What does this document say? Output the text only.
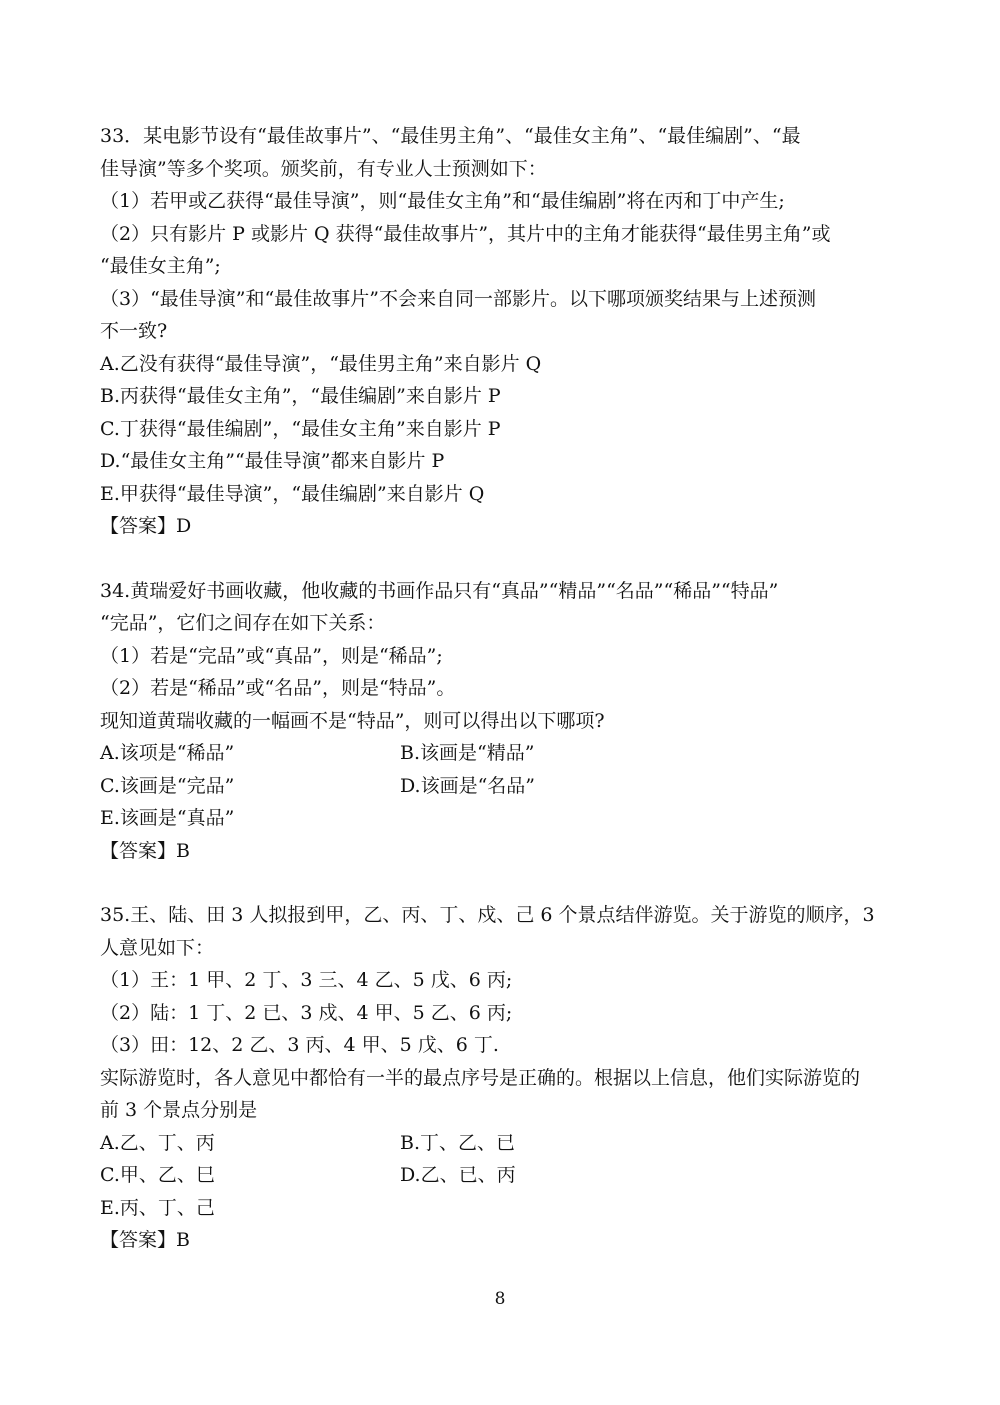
33．某电影节设有“最佳故事片”、“最佳男主角”、“最佳女主角”、“最佳编剧”、“最
佳导演”等多个奖项。颁奖前，有专业人士预测如下：
（1）若甲或乙获得“最佳导演”，则“最佳女主角”和“最佳编剧”将在丙和丁中产生;
（2）只有影片 P 或影片 Q 获得“最佳故事片”，其片中的主角才能获得“最佳男主角”或
“最佳女主角”;
（3）“最佳导演”和“最佳故事片”不会来自同一部影片。以下哪项颁奖结果与上述预测
不一致?
A.乙没有获得“最佳导演”，“最佳男主角”来自影片 Q
B.丙获得“最佳女主角”，“最佳编剧”来自影片 P
C.丁获得“最佳编剧”，“最佳女主角”来自影片 P
D.“最佳女主角”“最佳导演”都来自影片 P
E.甲获得“最佳导演”，“最佳编剧”来自影片 Q
【答案】D
34.黄瑞爱好书画收藏，他收藏的书画作品只有“真品”“精品”“名品”“稀品”“特品”
“完品”，它们之间存在如下关系：
（1）若是“完品”或“真品”，则是“稀品”;
（2）若是“稀品”或“名品”，则是“特品”。
现知道黄瑞收藏的一幅画不是“特品”，则可以得出以下哪项?
A.该项是“稀品”	B.该画是“精品”
C.该画是“完品”	D.该画是“名品”
E.该画是“真品”
【答案】B
35.王、陆、田 3 人拟报到甲，乙、丙、丁、戍、己 6 个景点结伴游览。关于游览的顺序，3
人意见如下：
（1）王：1 甲、2 丁、3 三、4 乙、5 戊、6 丙;
（2）陆：1 丁、2 已、3 戍、4 甲、5 乙、6 丙;
（3）田：12、2 乙、3 丙、4 甲、5 戊、6 丁.
实际游览时，各人意见中都恰有一半的最点序号是正确的。根据以上信息，他们实际游览的
前 3 个景点分别是
A.乙、丁、丙	B.丁、乙、已
C.甲、乙、巳	D.乙、已、丙
E.丙、丁、己
【答案】B
8
